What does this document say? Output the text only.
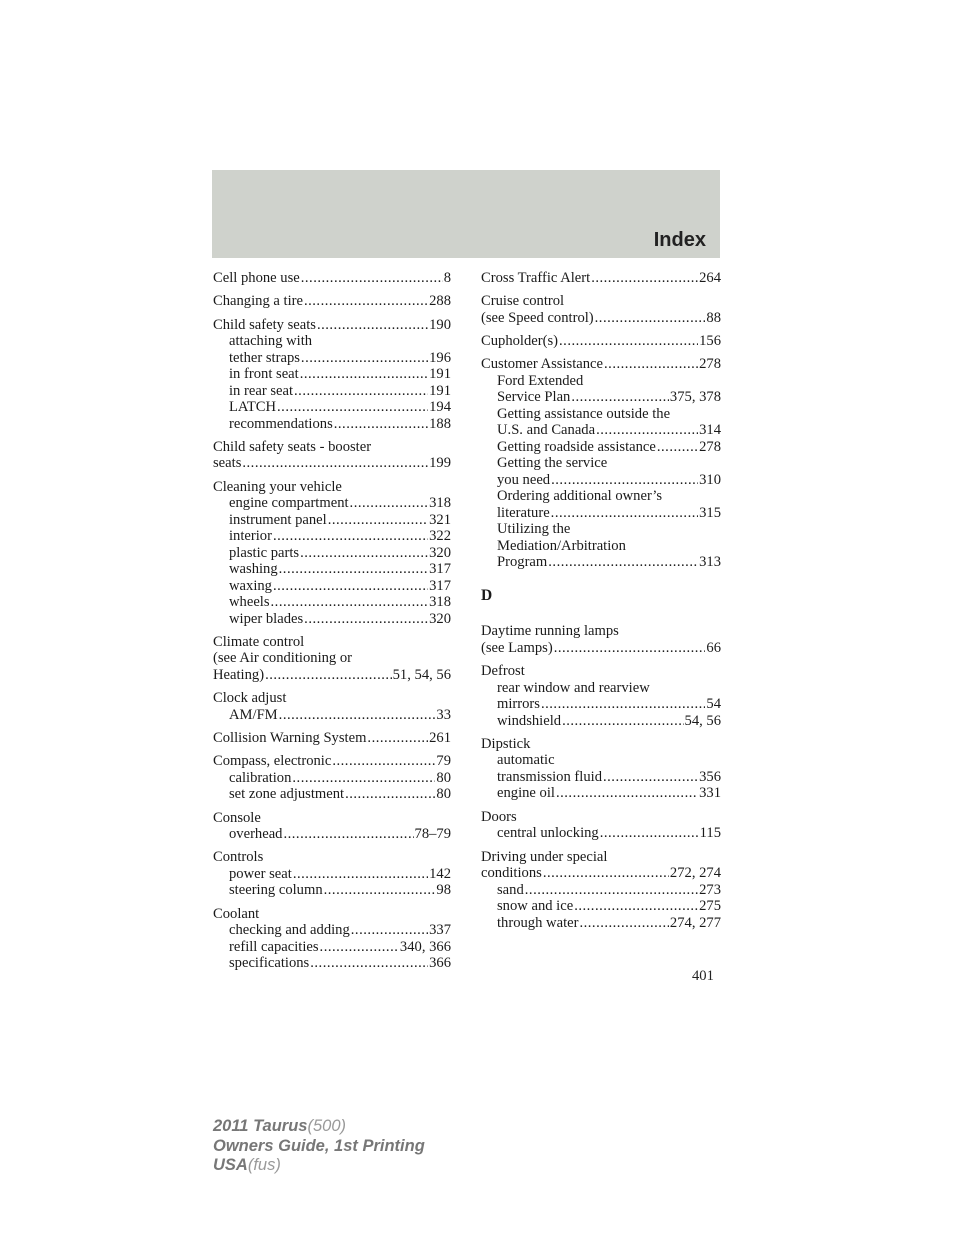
Index
Cell phone use .....	8
Changing a tire .....	288
Child safety seats .....	190
attaching with
tether straps .....	196
in front seat .....	191
in rear seat .....	191
LATCH .....	194
recommendations .....	188
Child safety seats - booster
seats .....	199
Cleaning your vehicle
engine compartment .....	318
instrument panel .....	321
interior .....	322
plastic parts .....	320
washing .....	317
waxing .....	317
wheels .....	318
wiper blades .....	320
Climate control
(see Air conditioning or
Heating) .....	51, 54, 56
Clock adjust
AM/FM .....	33
Collision Warning System .....	261
Compass, electronic .....	79
calibration .....	80
set zone adjustment .....	80
Console
overhead .....	78–79
Controls
power seat .....	142
steering column .....	98
Coolant
checking and adding .....	337
refill capacities .....	340, 366
specifications .....	366
Cross Traffic Alert .....	264
Cruise control
(see Speed control) .....	88
Cupholder(s) .....	156
Customer Assistance .....	278
Ford Extended
Service Plan .....	375, 378
Getting assistance outside the
U.S. and Canada .....	314
Getting roadside assistance .....	278
Getting the service
you need .....	310
Ordering additional owner’s
literature .....	315
Utilizing the
Mediation/Arbitration
Program .....	313
D
Daytime running lamps
(see Lamps) .....	66
Defrost
rear window and rearview
mirrors .....	54
windshield .....	54, 56
Dipstick
automatic
transmission fluid .....	356
engine oil .....	331
Doors
central unlocking .....	115
Driving under special
conditions .....	272, 274
sand .....	273
snow and ice .....	275
through water .....	274, 277
401
2011 Taurus(500)
Owners Guide, 1st Printing
USA(fus)
